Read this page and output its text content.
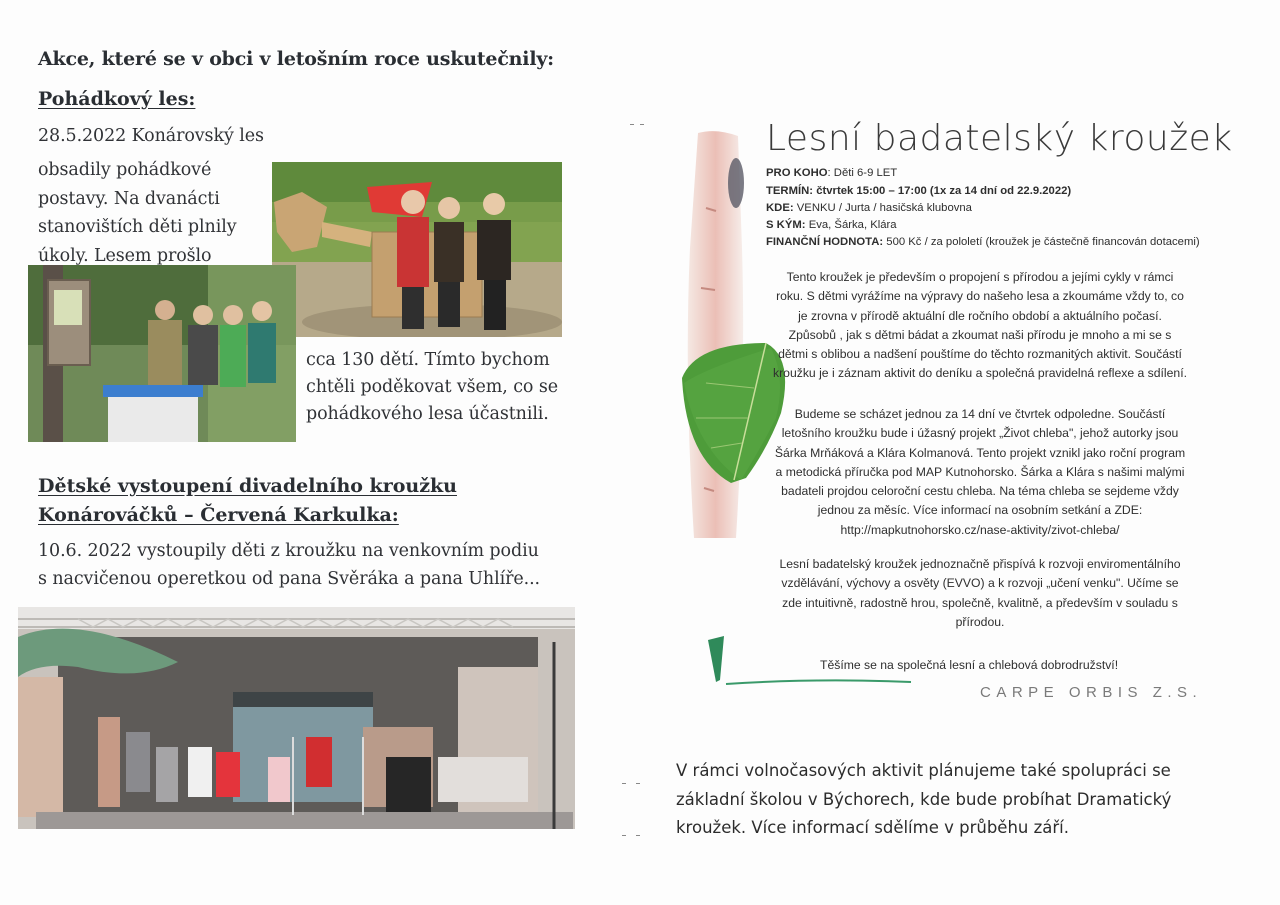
Akce, které se v obci v letošním roce uskutečnily:
Pohádkový les:
28.5.2022 Konárovský les
obsadily pohádkové
postavy. Na dvanácti
stanovištích děti plnily
úkoly. Lesem prošlo
cca 130 dětí. Tímto bychom
chtěli poděkovat všem, co se
pohádkového lesa účastnili.
Dětské vystoupení divadelního kroužku
Konárováčků – Červená Karkulka:
10.6. 2022 vystoupily děti z kroužku na venkovním podiu
s nacvičenou operetkou od pana Svěráka a pana Uhlíře...
Lesní badatelský kroužek
PRO KOHO: Děti 6-9 LET
TERMÍN: čtvrtek 15:00 – 17:00 (1x za 14 dní od 22.9.2022)
KDE: VENKU / Jurta / hasičská klubovna
S KÝM: Eva, Šárka, Klára
FINANČNÍ HODNOTA: 500 Kč / za pololetí (kroužek je částečně financován dotacemi)
Tento kroužek je především o propojení s přírodou a jejími cykly v rámci
roku. S dětmi vyrážíme na výpravy do našeho lesa a zkoumáme vždy to, co
je zrovna v přírodě aktuální dle ročního období a aktuálního počasí.
Způsobů , jak s dětmi bádat a zkoumat naši přírodu je mnoho a mi se s
dětmi s oblibou a nadšení pouštíme do těchto rozmanitých aktivit. Součástí
kroužku je i záznam aktivit do deníku a společná pravidelná reflexe a sdílení.
Budeme se scházet jednou za 14 dní ve čtvrtek odpoledne. Součástí
letošního kroužku bude i úžasný projekt „Život chleba", jehož autorky jsou
Šárka Mrňáková a Klára Kolmanová. Tento projekt vznikl jako roční program
a metodická příručka pod MAP Kutnohorsko. Šárka a Klára s našimi malými
badateli projdou celoroční cestu chleba. Na téma chleba se sejdeme vždy
jednou za měsíc. Více informací na osobním setkání a ZDE:
http://mapkutnohorsko.cz/nase-aktivity/zivot-chleba/
Lesní badatelský kroužek jednoznačně přispívá k rozvoji enviromentálního
vzdělávání, výchovy a osvěty (EVVO) a k rozvoji „učení venku". Učíme se
zde intuitivně, radostně hrou, společně, kvalitně, a především v souladu s
přírodou.
Těšíme se na společná lesní a chlebová dobrodružství!
CARPE ORBIS Z.S.
V rámci volnočasových aktivit plánujeme také spolupráci se
základní školou v Býchorech, kde bude probíhat Dramatický
kroužek. Více informací sdělíme v průběhu září.
